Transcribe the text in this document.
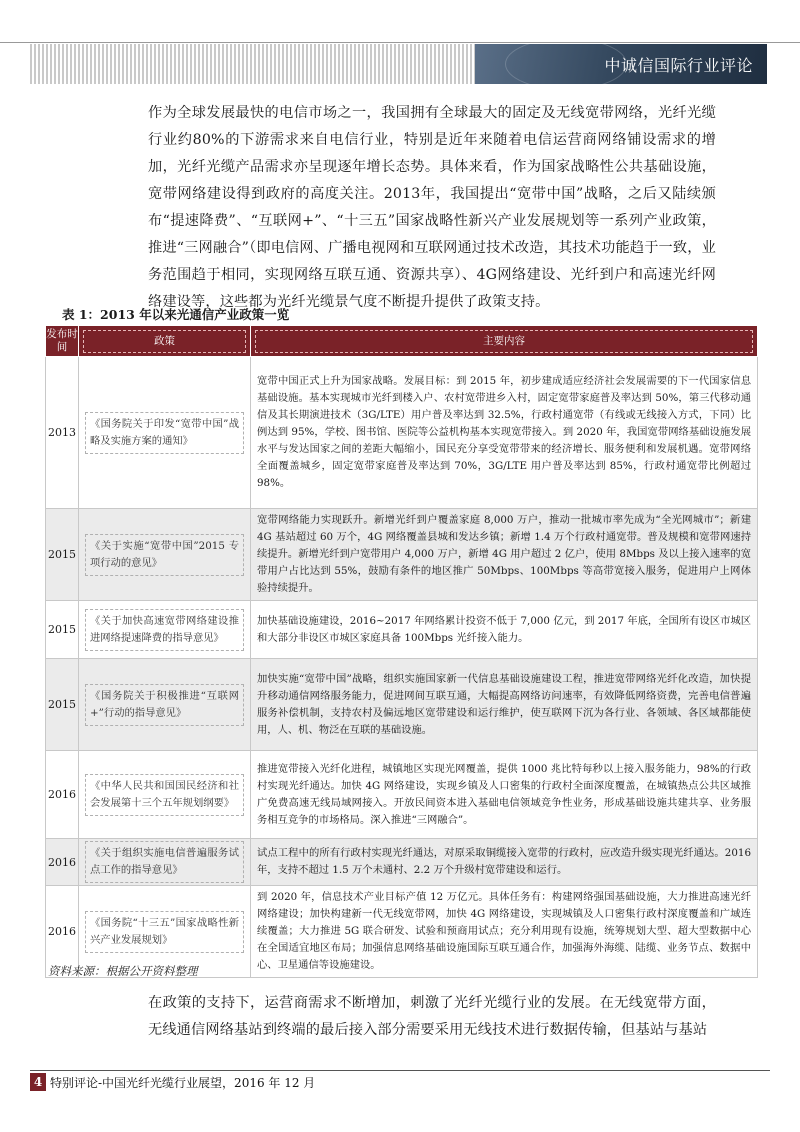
中诚信国际行业评论
作为全球发展最快的电信市场之一，我国拥有全球最大的固定及无线宽带网络，光纤光缆行业约80%的下游需求来自电信行业，特别是近年来随着电信运营商网络铺设需求的增加，光纤光缆产品需求亦呈现逐年增长态势。具体来看，作为国家战略性公共基础设施，宽带网络建设得到政府的高度关注。2013年，我国提出“宽带中国”战略，之后又陆续颁布“提速降费”、“互联网+”、“十三五”国家战略性新兴产业发展规划等一系列产业政策，推进“三网融合”（即电信网、广播电视网和互联网通过技术改造，其技术功能趋于一致，业务范围趋于相同，实现网络互联互通、资源共享）、4G网络建设、光纤到户和高速光纤网络建设等，这些都为光纤光缆景气度不断提升提供了政策支持。
表 1：2013 年以来光通信产业政策一览
发布时间	政策	主要内容

2013	《国务院关于印发“宽带中国”战略及实施方案的通知》	宽带中国正式上升为国家战略。发展目标：到 2015 年，初步建成适应经济社会发展需要的下一代国家信息基础设施。基本实现城市光纤到楼入户、农村宽带进乡入村，固定宽带家庭普及率达到 50%，第三代移动通信及其长期演进技术（3G/LTE）用户普及率达到 32.5%，行政村通宽带（有线或无线接入方式，下同）比例达到 95%，学校、图书馆、医院等公益机构基本实现宽带接入。到 2020 年，我国宽带网络基础设施发展水平与发达国家之间的差距大幅缩小，国民充分享受宽带带来的经济增长、服务便利和发展机遇。宽带网络全面覆盖城乡，固定宽带家庭普及率达到 70%，3G/LTE 用户普及率达到 85%，行政村通宽带比例超过 98%。
2015	《关于实施“宽带中国”2015 专项行动的意见》	宽带网络能力实现跃升。新增光纤到户覆盖家庭 8,000 万户，推动一批城市率先成为“全光网城市”；新建 4G 基站超过 60 万个，4G 网络覆盖县城和发达乡镇；新增 1.4 万个行政村通宽带。普及规模和宽带网速持续提升。新增光纤到户宽带用户 4,000 万户，新增 4G 用户超过 2 亿户，使用 8Mbps 及以上接入速率的宽带用户占比达到 55%，鼓励有条件的地区推广 50Mbps、100Mbps 等高带宽接入服务，促进用户上网体验持续提升。
2015	《关于加快高速宽带网络建设推进网络提速降费的指导意见》	加快基础设施建设，2016~2017 年网络累计投资不低于 7,000 亿元，到 2017 年底，全国所有设区市城区和大部分非设区市城区家庭具备 100Mbps 光纤接入能力。
2015	《国务院关于积极推进“互联网+”行动的指导意见》	加快实施“宽带中国”战略，组织实施国家新一代信息基础设施建设工程，推进宽带网络光纤化改造，加快提升移动通信网络服务能力，促进网间互联互通，大幅提高网络访问速率，有效降低网络资费，完善电信普遍服务补偿机制，支持农村及偏远地区宽带建设和运行维护，使互联网下沉为各行业、各领域、各区域都能使用，人、机、物泛在互联的基础设施。
2016	《中华人民共和国国民经济和社会发展第十三个五年规划纲要》	推进宽带接入光纤化进程，城镇地区实现光网覆盖，提供 1000 兆比特每秒以上接入服务能力，98%的行政村实现光纤通达。加快 4G 网络建设，实现乡镇及人口密集的行政村全面深度覆盖，在城镇热点公共区域推广免费高速无线局域网接入。开放民间资本进入基础电信领域竞争性业务，形成基础设施共建共享、业务服务相互竞争的市场格局。深入推进“三网融合”。
2016	《关于组织实施电信普遍服务试点工作的指导意见》	试点工程中的所有行政村实现光纤通达，对原采取铜缆接入宽带的行政村，应改造升级实现光纤通达。2016 年，支持不超过 1.5 万个未通村、2.2 万个升级村宽带建设和运行。
2016	《国务院“十三五”国家战略性新兴产业发展规划》	到 2020 年，信息技术产业目标产值 12 万亿元。具体任务有：构建网络强国基础设施，大力推进高速光纤网络建设；加快构建新一代无线宽带网，加快 4G 网络建设，实现城镇及人口密集行政村深度覆盖和广域连续覆盖；大力推进 5G 联合研发、试验和预商用试点；充分利用现有设施，统筹规划大型、超大型数据中心在全国适宜地区布局；加强信息网络基础设施国际互联互通合作，加强海外海缆、陆缆、业务节点、数据中心、卫星通信等设施建设。
资料来源：根据公开资料整理
在政策的支持下，运营商需求不断增加，刺激了光纤光缆行业的发展。在无线宽带方面，无线通信网络基站到终端的最后接入部分需要采用无线技术进行数据传输，但基站与基站
4 特别评论-中国光纤光缆行业展望，2016 年 12 月
